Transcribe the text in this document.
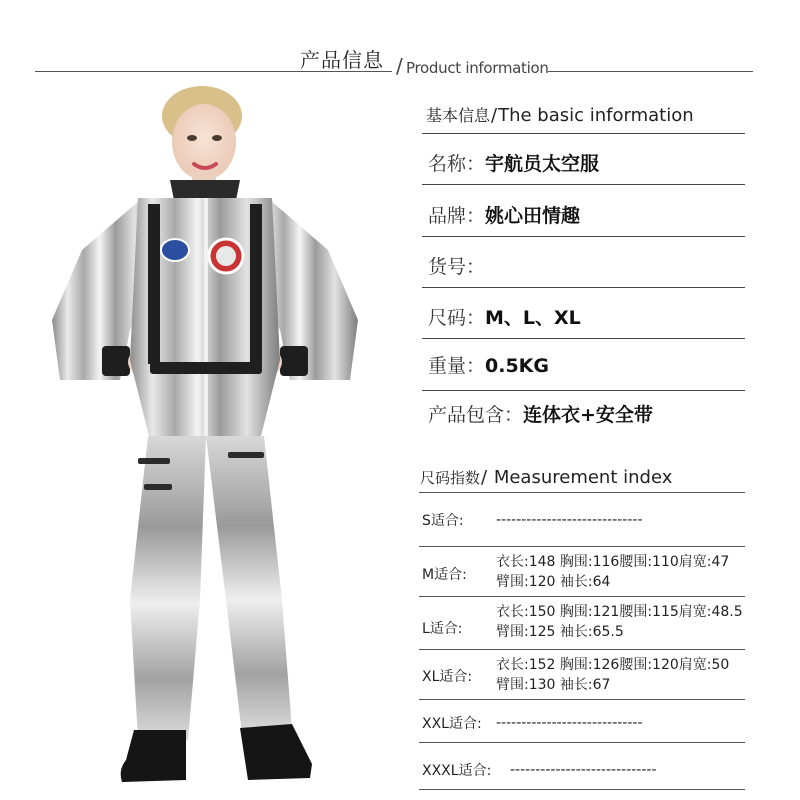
产品信息 / Product information
基本信息/The basic information
名称：宇航员太空服
品牌：姚心田情趣
货号：
尺码：M、L、XL
重量：0.5KG
产品包含：连体衣+安全带
尺码指数/ Measurement index
S适合: -----------------------------
M适合:
衣长:148 胸围:116腰围:110肩宽:47
臂围:120 袖长:64
L适合:
衣长:150 胸围:121腰围:115肩宽:48.5
臂围:125 袖长:65.5
XL适合:
衣长:152 胸围:126腰围:120肩宽:50
臂围:130 袖长:67
XXL适合: -----------------------------
XXXL适合: -----------------------------
